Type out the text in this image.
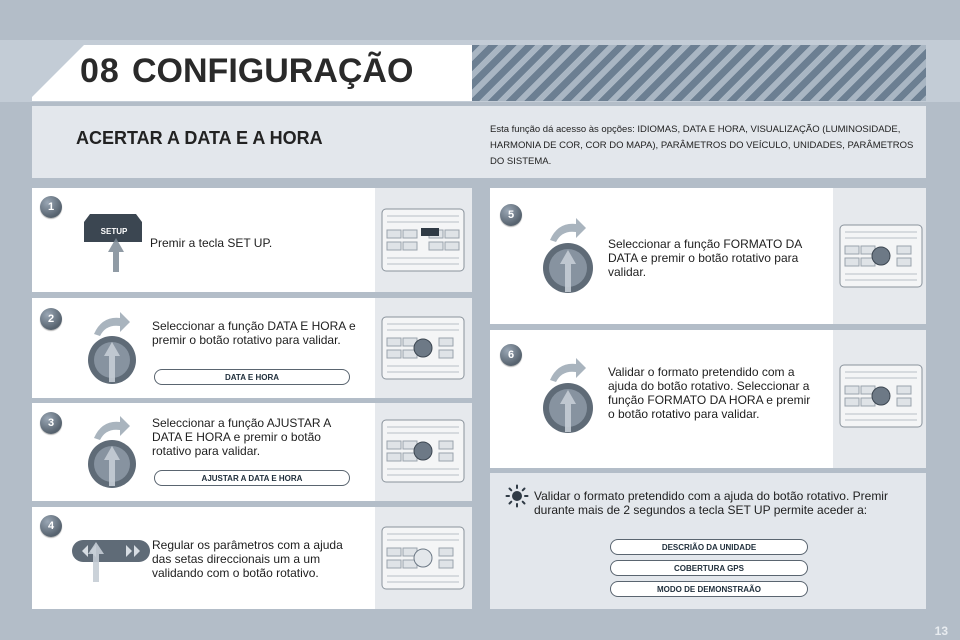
08 CONFIGURAÇÃO
ACERTAR A DATA E A HORA	Esta função dá acesso às opções: IDIOMAS, DATA E HORA, VISUALIZAÇÃO (LUMINOSIDADE, HARMONIA DE COR, COR DO MAPA), PARÂMETROS DO VEÍCULO, UNIDADES, PARÂMETROS DO SISTEMA.
1
SETUP
Premir a tecla SET UP.
2	Seleccionar a função DATA E HORA e premir o botão rotativo para validar.
DATA E HORA
3	Seleccionar a função AJUSTAR A DATA E HORA e premir o botão rotativo para validar.
AJUSTAR A DATA E HORA
4
Regular os parâmetros com a ajuda das setas direccionais um a um validando com o botão rotativo.
5
Seleccionar a função FORMATO DA DATA e premir o botão rotativo para validar.
6
Validar o formato pretendido com a ajuda do botão rotativo. Seleccionar a função FORMATO DA HORA e premir o botão rotativo para validar.
Validar o formato pretendido com a ajuda do botão rotativo. Premir durante mais de 2 segundos a tecla SET UP permite aceder a:
DESCRIÃO DA UNIDADE
COBERTURA GPS
MODO DE DEMONSTRAÃO
13
